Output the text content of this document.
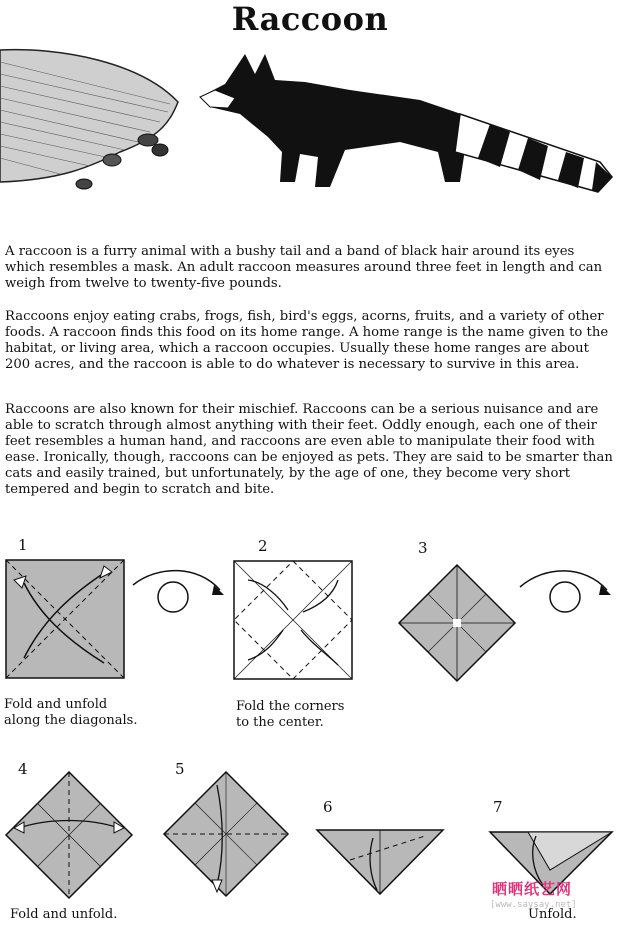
Raccoon

A raccoon is a furry animal with a bushy tail and a band of black hair around its eyes which resembles a mask. An adult raccoon measures around three feet in length and can weigh from twelve to twenty-five pounds.

Raccoons enjoy eating crabs, frogs, fish, bird's eggs, acorns, fruits, and a variety of other foods. A raccoon finds this food on its home range. A home range is the name given to the habitat, or living area, which a raccoon occupies. Usually these home ranges are about 200 acres, and the raccoon is able to do whatever is necessary to survive in this area.

Raccoons are also known for their mischief. Raccoons can be a serious nuisance and are able to scratch through almost anything with their feet. Oddly enough, each one of their feet resembles a human hand, and raccoons are even able to manipulate their food with ease. Ironically, though, raccoons can be enjoyed as pets. They are said to be smarter than cats and easily trained, but unfortunately, by the age of one, they become very short tempered and begin to scratch and bite.

1
Fold and unfold
along the diagonals.
2
Fold the corners
to the center.
3
4
Fold and unfold.
5
6	7
Unfold.
晒晒纸艺网
[www.saysay.net]
